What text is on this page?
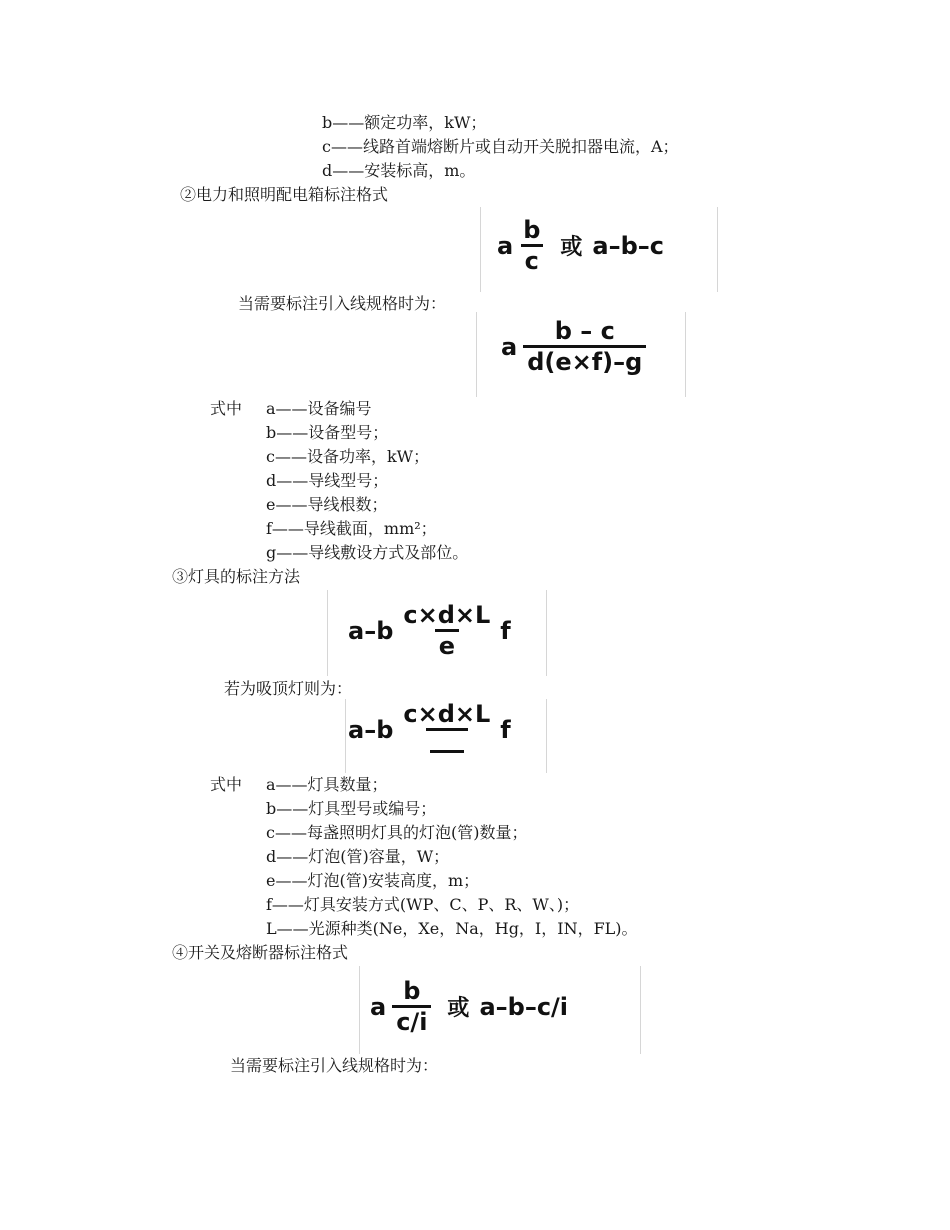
b——额定功率，kW；
c——线路首端熔断片或自动开关脱扣器电流，A；
d——安装标高，m。
②电力和照明配电箱标注格式
a $\frac{b}{c}$ 或 a–b–c
当需要标注引入线规格时为：
a $\frac{b - c}{d(e\times f)-g}$
式中 a——设备编号
b——设备型号；
c——设备功率，kW；
d——导线型号；
e——导线根数；
f——导线截面，mm²；
g——导线敷设方式及部位。
③灯具的标注方法
$a-b \frac{c\times d\times L}{e}$ f
若为吸顶灯则为：
a–b
c×d×L
f
式中 a——灯具数量；
b——灯具型号或编号；
c——每盏照明灯具的灯泡(管)数量；
d——灯泡(管)容量，W；
e——灯泡(管)安装高度，m；
f——灯具安装方式(WP、C、P、R、W、)；
L——光源种类(Ne，Xe，Na，Hg，I，IN，FL)。
④开关及熔断器标注格式
a $\frac{b}{c/i}$ 或 a–b–c/i
当需要标注引入线规格时为：
